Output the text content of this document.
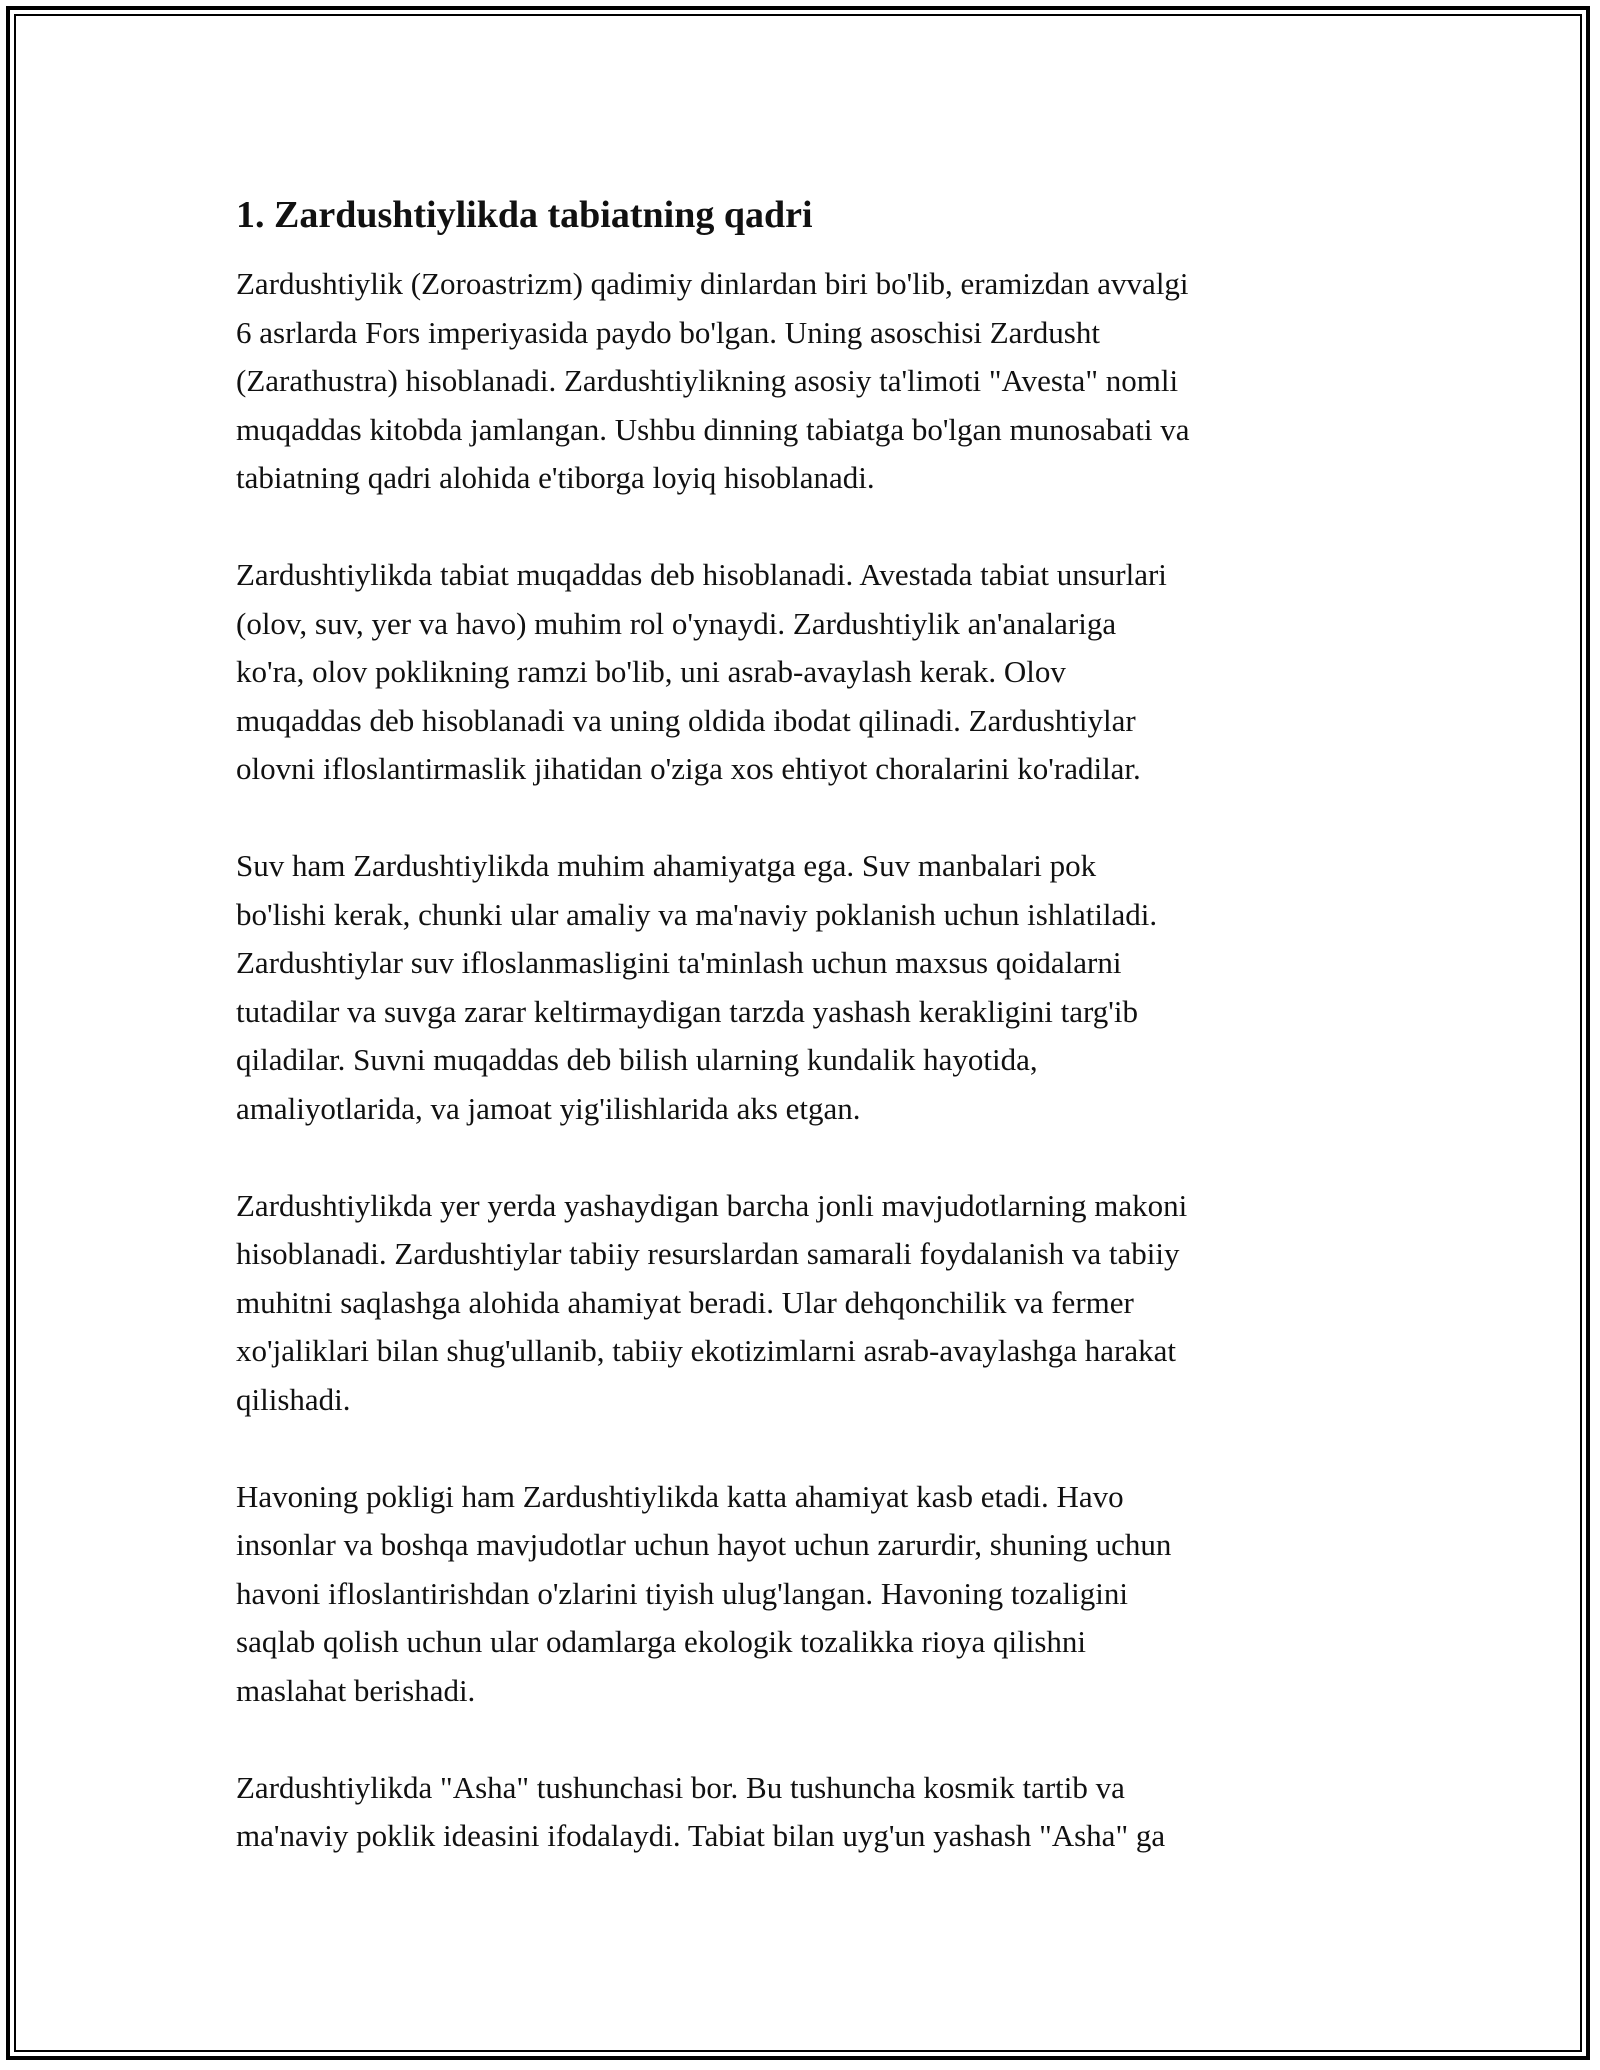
1. Zardushtiylikda tabiatning qadri

Zardushtiylik (Zoroastrizm) qadimiy dinlardan biri bo'lib, eramizdan avvalgi
6 asrlarda Fors imperiyasida paydo bo'lgan. Uning asoschisi Zardusht
(Zarathustra) hisoblanadi. Zardushtiylikning asosiy ta'limoti "Avesta" nomli
muqaddas kitobda jamlangan. Ushbu dinning tabiatga bo'lgan munosabati va
tabiatning qadri alohida e'tiborga loyiq hisoblanadi.

Zardushtiylikda tabiat muqaddas deb hisoblanadi. Avestada tabiat unsurlari
(olov, suv, yer va havo) muhim rol o'ynaydi. Zardushtiylik an'analariga
ko'ra, olov poklikning ramzi bo'lib, uni asrab-avaylash kerak. Olov
muqaddas deb hisoblanadi va uning oldida ibodat qilinadi. Zardushtiylar
olovni ifloslantirmaslik jihatidan o'ziga xos ehtiyot choralarini ko'radilar.

Suv ham Zardushtiylikda muhim ahamiyatga ega. Suv manbalari pok
bo'lishi kerak, chunki ular amaliy va ma'naviy poklanish uchun ishlatiladi.
Zardushtiylar suv ifloslanmasligini ta'minlash uchun maxsus qoidalarni
tutadilar va suvga zarar keltirmaydigan tarzda yashash kerakligini targ'ib
qiladilar. Suvni muqaddas deb bilish ularning kundalik hayotida,
amaliyotlarida, va jamoat yig'ilishlarida aks etgan.

Zardushtiylikda yer yerda yashaydigan barcha jonli mavjudotlarning makoni
hisoblanadi. Zardushtiylar tabiiy resurslardan samarali foydalanish va tabiiy
muhitni saqlashga alohida ahamiyat beradi. Ular dehqonchilik va fermer
xo'jaliklari bilan shug'ullanib, tabiiy ekotizimlarni asrab-avaylashga harakat
qilishadi.

Havoning pokligi ham Zardushtiylikda katta ahamiyat kasb etadi. Havo
insonlar va boshqa mavjudotlar uchun hayot uchun zarurdir, shuning uchun
havoni ifloslantirishdan o'zlarini tiyish ulug'langan. Havoning tozaligini
saqlab qolish uchun ular odamlarga ekologik tozalikka rioya qilishni
maslahat berishadi.

Zardushtiylikda "Asha" tushunchasi bor. Bu tushuncha kosmik tartib va
ma'naviy poklik ideasini ifodalaydi. Tabiat bilan uyg'un yashash "Asha" ga
